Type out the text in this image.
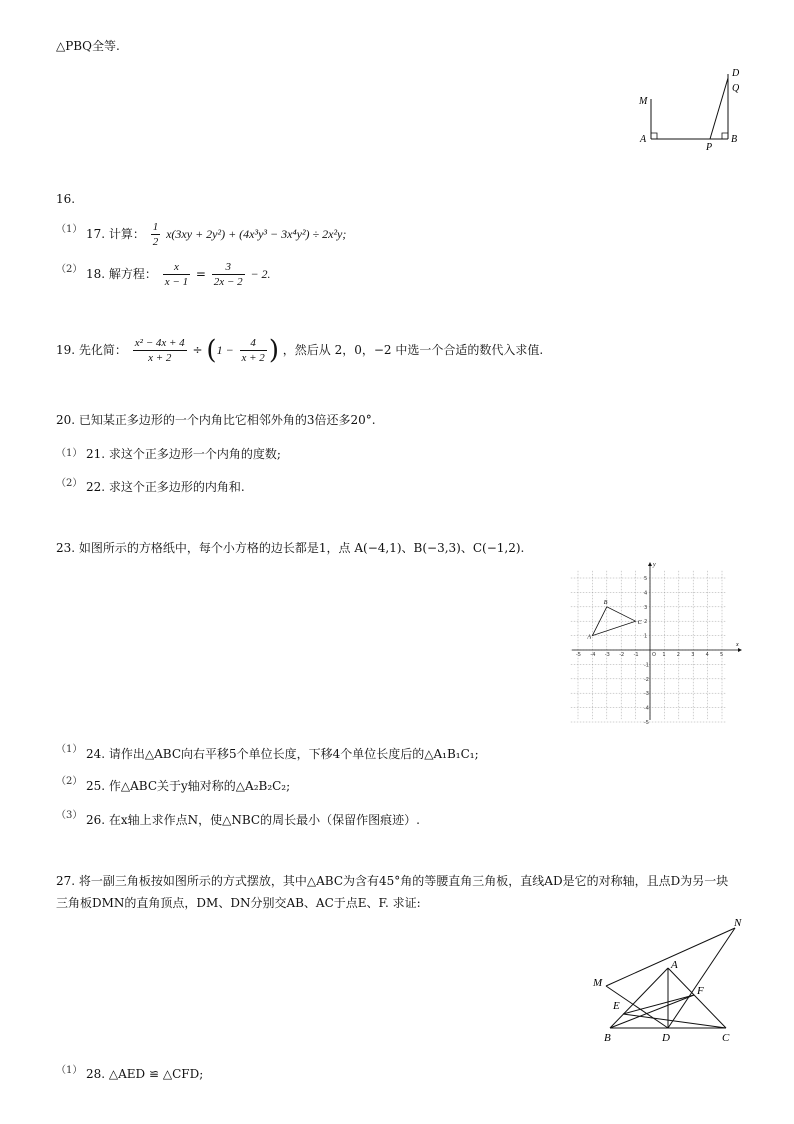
△PBQ全等.
M
A
P
B
D
Q
16.
（1） 17. 计算： $\frac{1}{2} x(3xy + 2y^2) + (4x^3y^3 - 3x^4y^2) \div 2x^2y$;
（2） 18. 解方程： $\frac{x}{x - 1} = \frac{3}{2x - 2} - 2$.
19. 先化简： $\frac{\text{x² − 4x + 4}}{x + 2} \div (1 - \frac{4}{x + 2}$ ) ，然后从 2，0，−2 中选一个合适的数代入求值.
20. 已知某正多边形的一个内角比它相邻外角的3倍还多20°.
（1） 21. 求这个正多边形一个内角的度数;
（2） 22. 求这个正多边形的内角和.
23. 如图所示的方格纸中，每个小方格的边长都是1，点 A(−4,1)、B(−3,3)、C(−1,2).
x
y
O
-5 -4 -3 -2 -1	1 2 3 4 5
5
4
3
2
1
-1
-2
-3
-4
-5
A
B
C
（1） 24. 请作出△ABC向右平移5个单位长度，下移4个单位长度后的△A₁B₁C₁;
（2） 25. 作△ABC关于y轴对称的△A₂B₂C₂;
（3） 26. 在x轴上求作点N，使△NBC的周长最小（保留作图痕迹）.
27. 将一副三角板按如图所示的方式摆放，其中△ABC为含有45°角的等腰直角三角板，直线AD是它的对称轴，且点D为另一块
三角板DMN的直角顶点，DM、DN分别交AB、AC于点E、F. 求证:
N
A
M
F
E
B	D	C
（1） 28. △AED ≌ △CFD;
